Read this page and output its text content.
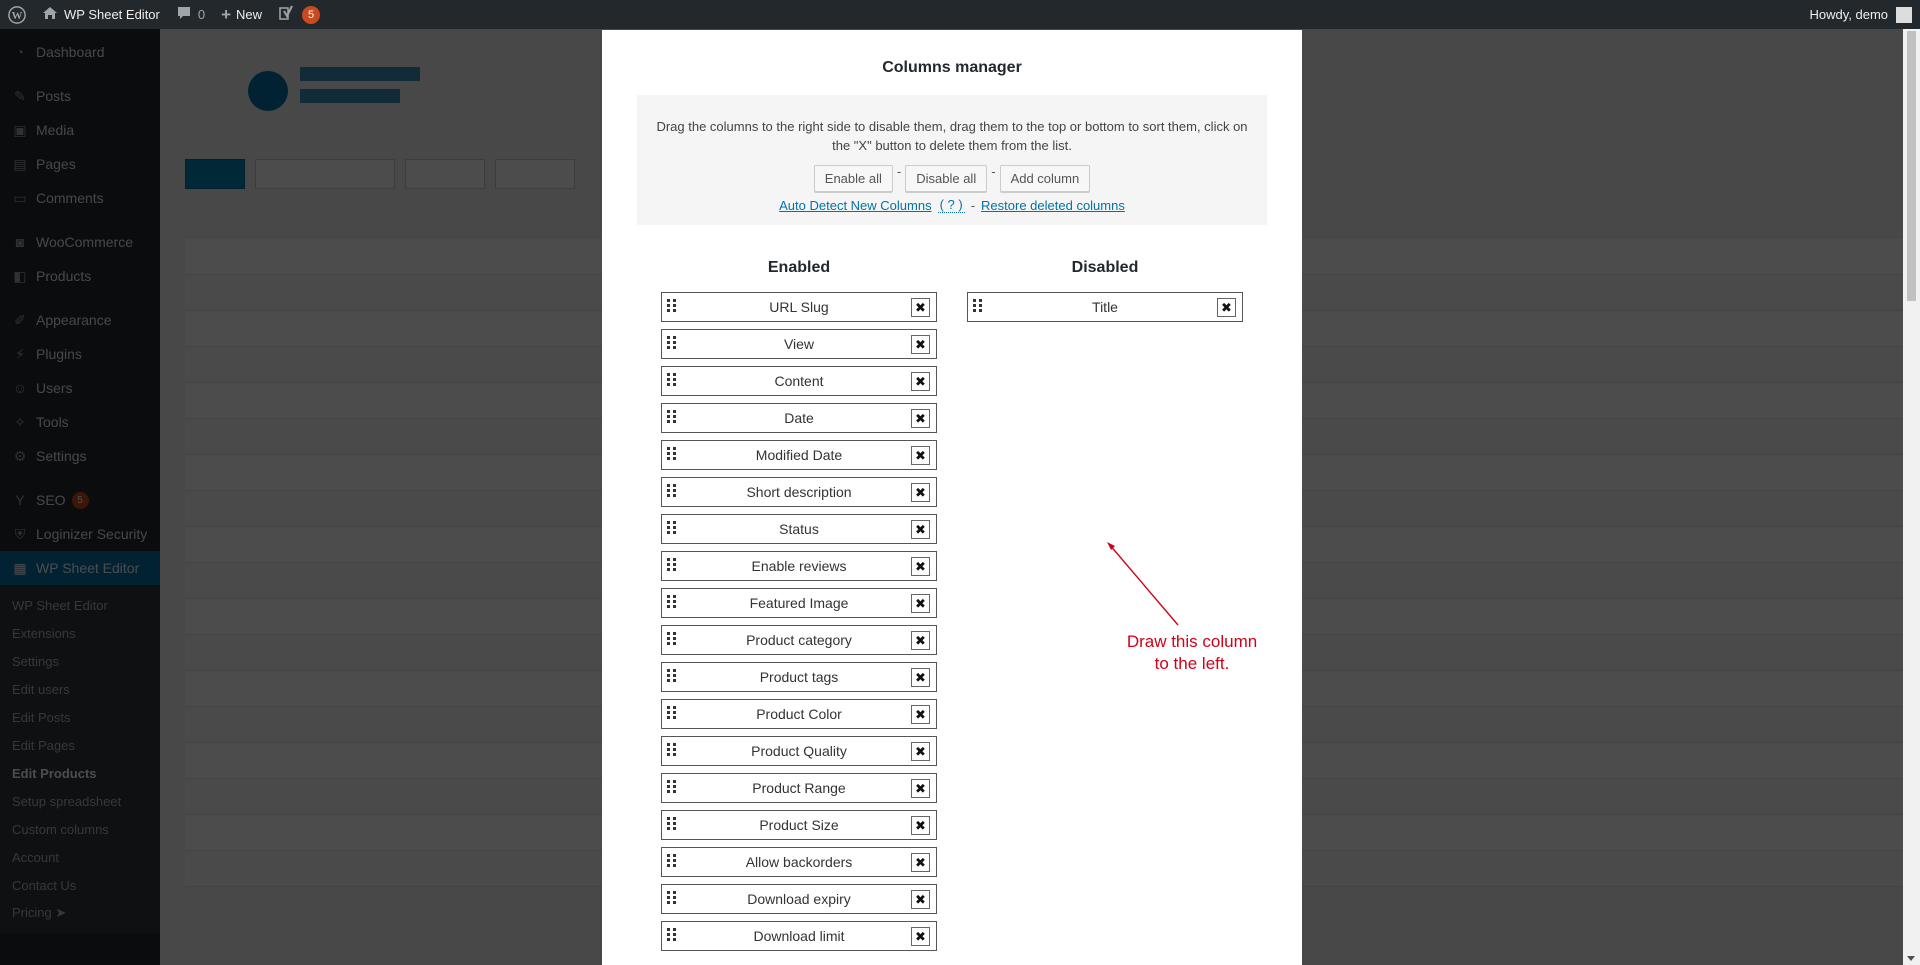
W	WP Sheet Editor	0 + New	5	Howdy, demo
Columns manager
Drag the columns to the right side to disable them, drag them to the top or bottom to sort them, click on the "X" button to delete them from the list.
Enable all	-	Disable all	-	Add column
Auto Detect New Columns ( ? ) - Restore deleted columns
Enabled	Disabled
URL Slug	✖
View	✖
Content	✖
Date	✖
Modified Date	✖
Short description	✖
Status	✖
Enable reviews	✖
Featured Image	✖
Product category	✖
Product tags	✖
Product Color	✖
Product Quality	✖
Product Range	✖
Product Size	✖
Allow backorders	✖
Download expiry	✖
Download limit	✖
Title	✖
Draw this column
to the left.
